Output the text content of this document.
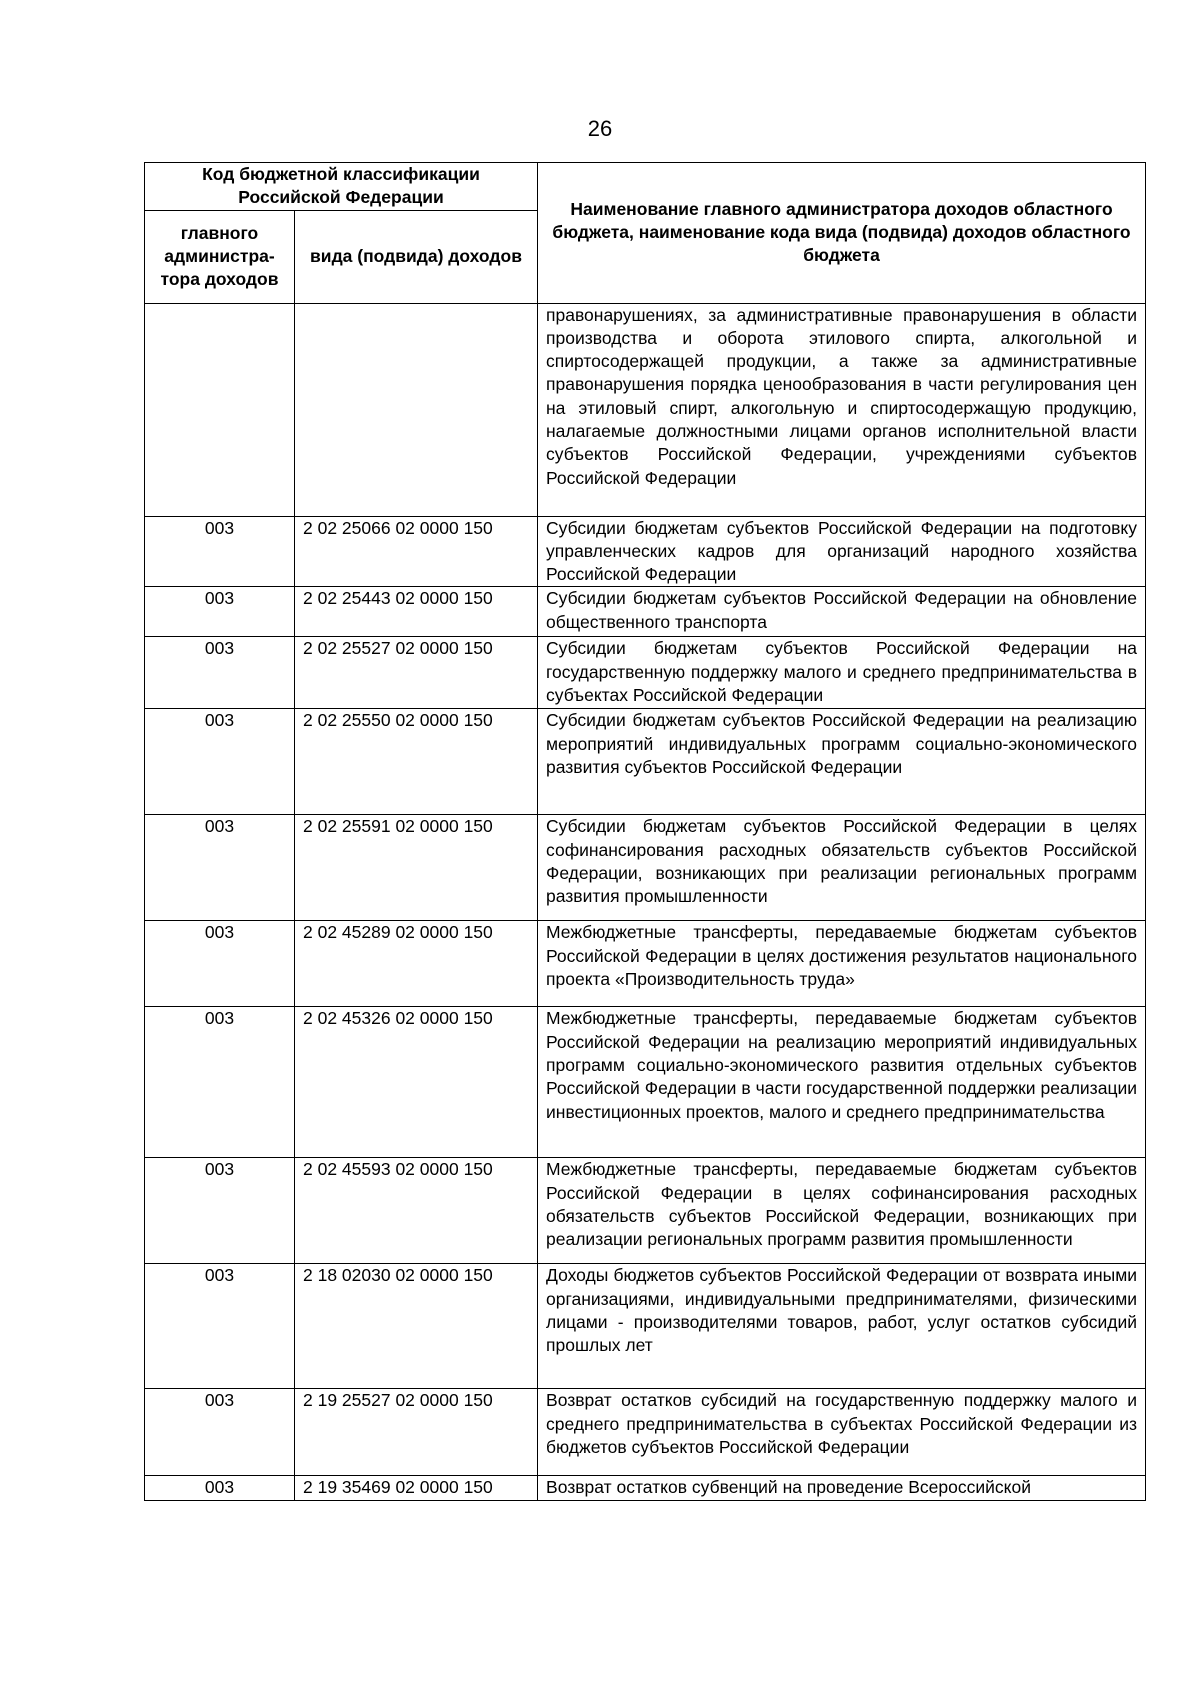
26
Код бюджетной классификации Российской Федерации		Наименование главного администратора доходов областного бюджета, наименование кода вида (подвида) доходов областного бюджета
главного администра-тора доходов	вида (подвида) доходов	
		правонарушениях, за административные правонарушения в области производства и оборота этилового спирта, алкогольной и спиртосодержащей продукции, а также за административные правонарушения порядка ценообразования в части регулирования цен на этиловый спирт, алкогольную и спиртосодержащую продукцию, налагаемые должностными лицами органов исполнительной власти субъектов Российской Федерации, учреждениями субъектов Российской Федерации
003	2 02 25066 02 0000 150	Субсидии бюджетам субъектов Российской Федерации на подготовку управленческих кадров для организаций народного хозяйства Российской Федерации
003	2 02 25443 02 0000 150	Субсидии бюджетам субъектов Российской Федерации на обновление общественного транспорта
003	2 02 25527 02 0000 150	Субсидии бюджетам субъектов Российской Федерации на государственную поддержку малого и среднего предпринимательства в субъектах Российской Федерации
003	2 02 25550 02 0000 150	Субсидии бюджетам субъектов Российской Федерации на реализацию мероприятий индивидуальных программ социально-экономического развития субъектов Российской Федерации
003	2 02 25591 02 0000 150	Субсидии бюджетам субъектов Российской Федерации в целях софинансирования расходных обязательств субъектов Российской Федерации, возникающих при реализации региональных программ развития промышленности
003	2 02 45289 02 0000 150	Межбюджетные трансферты, передаваемые бюджетам субъектов Российской Федерации в целях достижения результатов национального проекта «Производительность труда»
003	2 02 45326 02 0000 150	Межбюджетные трансферты, передаваемые бюджетам субъектов Российской Федерации на реализацию мероприятий индивидуальных программ социально-экономического развития отдельных субъектов Российской Федерации в части государственной поддержки реализации инвестиционных проектов, малого и среднего предпринимательства
003	2 02 45593 02 0000 150	Межбюджетные трансферты, передаваемые бюджетам субъектов Российской Федерации в целях софинансирования расходных обязательств субъектов Российской Федерации, возникающих при реализации региональных программ развития промышленности
003	2 18 02030 02 0000 150	Доходы бюджетов субъектов Российской Федерации от возврата иными организациями, индивидуальными предпринимателями, физическими лицами - производителями товаров, работ, услуг остатков субсидий прошлых лет
003	2 19 25527 02 0000 150	Возврат остатков субсидий на государственную поддержку малого и среднего предпринимательства в субъектах Российской Федерации из бюджетов субъектов Российской Федерации
003	2 19 35469 02 0000 150	Возврат остатков субвенций на проведение Всероссийской
